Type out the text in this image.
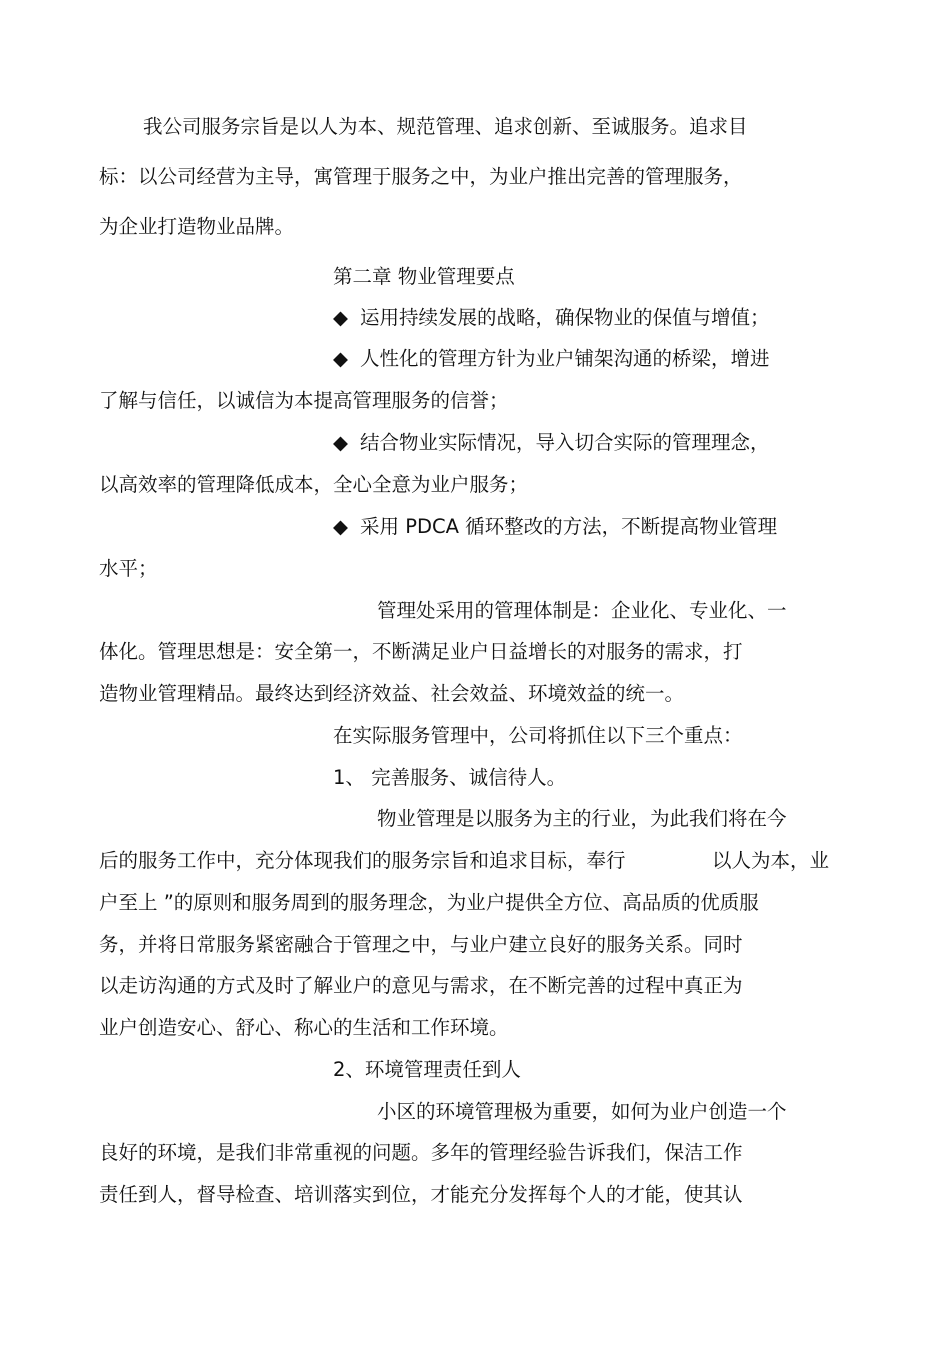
我公司服务宗旨是以人为本、规范管理、追求创新、至诚服务。追求目
标：以公司经营为主导，寓管理于服务之中，为业户推出完善的管理服务，
为企业打造物业品牌。
第二章 物业管理要点
◆ 运用持续发展的战略，确保物业的保值与增值；
◆ 人性化的管理方针为业户铺架沟通的桥梁，增进
了解与信任，以诚信为本提高管理服务的信誉；
◆ 结合物业实际情况，导入切合实际的管理理念，
以高效率的管理降低成本，全心全意为业户服务；
◆ 采用 PDCA 循环整改的方法，不断提高物业管理
水平；
管理处采用的管理体制是：企业化、专业化、一
体化。管理思想是：安全第一，不断满足业户日益增长的对服务的需求，打
造物业管理精品。最终达到经济效益、社会效益、环境效益的统一。
在实际服务管理中，公司将抓住以下三个重点：
1、 完善服务、诚信待人。
物业管理是以服务为主的行业，为此我们将在今
后的服务工作中，充分体现我们的服务宗旨和追求目标，奉行	以人为本，业
户至上 ”的原则和服务周到的服务理念，为业户提供全方位、高品质的优质服
务，并将日常服务紧密融合于管理之中，与业户建立良好的服务关系。同时
以走访沟通的方式及时了解业户的意见与需求，在不断完善的过程中真正为
业户创造安心、舒心、称心的生活和工作环境。
2、环境管理责任到人
小区的环境管理极为重要，如何为业户创造一个
良好的环境，是我们非常重视的问题。多年的管理经验告诉我们，保洁工作
责任到人，督导检查、培训落实到位，才能充分发挥每个人的才能，使其认
